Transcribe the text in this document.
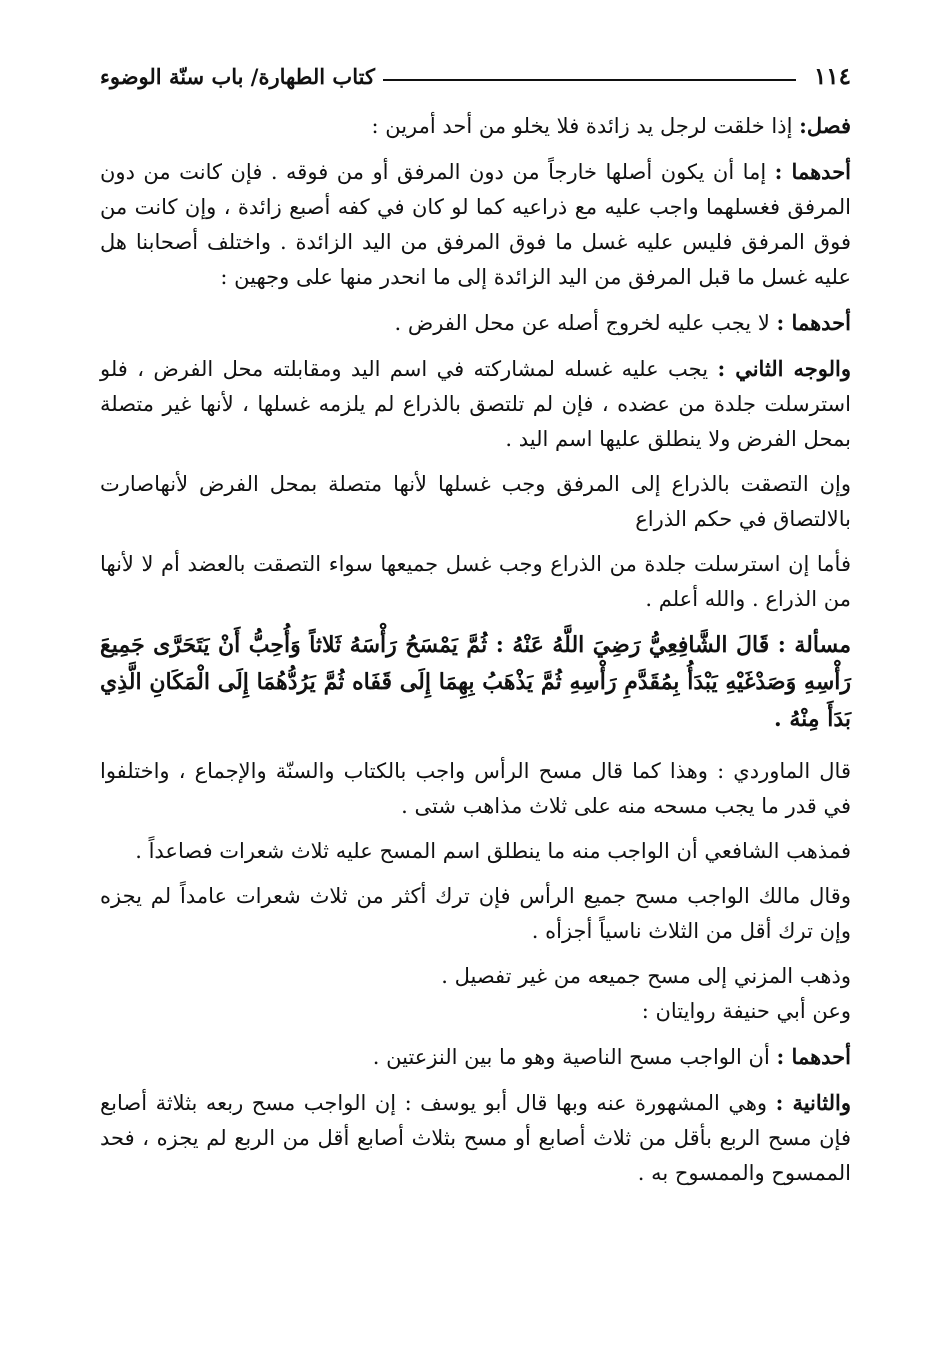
١١٤
كتاب الطهارة/ باب سنّة الوضوء

فصل: إذا خلقت لرجل يد زائدة فلا يخلو من أحد أمرين :

أحدهما : إما أن يكون أصلها خارجاً من دون المرفق أو من فوقه . فإن كانت من دون المرفق فغسلهما واجب عليه مع ذراعيه كما لو كان في كفه أصبع زائدة ، وإن كانت من فوق المرفق فليس عليه غسل ما فوق المرفق من اليد الزائدة . واختلف أصحابنا هل عليه غسل ما قبل المرفق من اليد الزائدة إلى ما انحدر منها على وجهين :

أحدهما : لا يجب عليه لخروج أصله عن محل الفرض .

والوجه الثاني : يجب عليه غسله لمشاركته في اسم اليد ومقابلته محل الفرض ، فلو استرسلت جلدة من عضده ، فإن لم تلتصق بالذراع لم يلزمه غسلها ، لأنها غير متصلة بمحل الفرض ولا ينطلق عليها اسم اليد .

وإن التصقت بالذراع إلى المرفق وجب غسلها لأنها متصلة بمحل الفرض لأنهاصارت بالالتصاق في حكم الذراع

فأما إن استرسلت جلدة من الذراع وجب غسل جميعها سواء التصقت بالعضد أم لا لأنها من الذراع . والله أعلم .

مسألة : قَالَ الشَّافِعِيُّ رَضِيَ اللَّهُ عَنْهُ : ثُمَّ يَمْسَحُ رَأْسَهُ ثَلاثاً وَأُحِبُّ أَنْ يَتَحَرَّى جَمِيعَ رَأْسِهِ وَصَدْغَيْهِ يَبْدَأُ بِمُقَدَّمِ رَأْسِهِ ثُمَّ يَذْهَبُ بِهِمَا إِلَى قَفَاه ثُمَّ يَرُدُّهُمَا إِلَى الْمَكَانِ الَّذِي بَدَأَ مِنْهُ .

قال الماوردي : وهذا كما قال مسح الرأس واجب بالكتاب والسنّة والإجماع ، واختلفوا في قدر ما يجب مسحه منه على ثلاث مذاهب شتى .

فمذهب الشافعي أن الواجب منه ما ينطلق اسم المسح عليه ثلاث شعرات فصاعداً .

وقال مالك الواجب مسح جميع الرأس فإن ترك أكثر من ثلاث شعرات عامداً لم يجزه وإن ترك أقل من الثلاث ناسياً أجزأه .

وذهب المزني إلى مسح جميعه من غير تفصيل .

وعن أبي حنيفة روايتان :

أحدهما : أن الواجب مسح الناصية وهو ما بين النزعتين .

والثانية : وهي المشهورة عنه وبها قال أبو يوسف : إن الواجب مسح ربعه بثلاثة أصابع فإن مسح الربع بأقل من ثلاث أصابع أو مسح بثلاث أصابع أقل من الربع لم يجزه ، فحد الممسوح والممسوح به .
